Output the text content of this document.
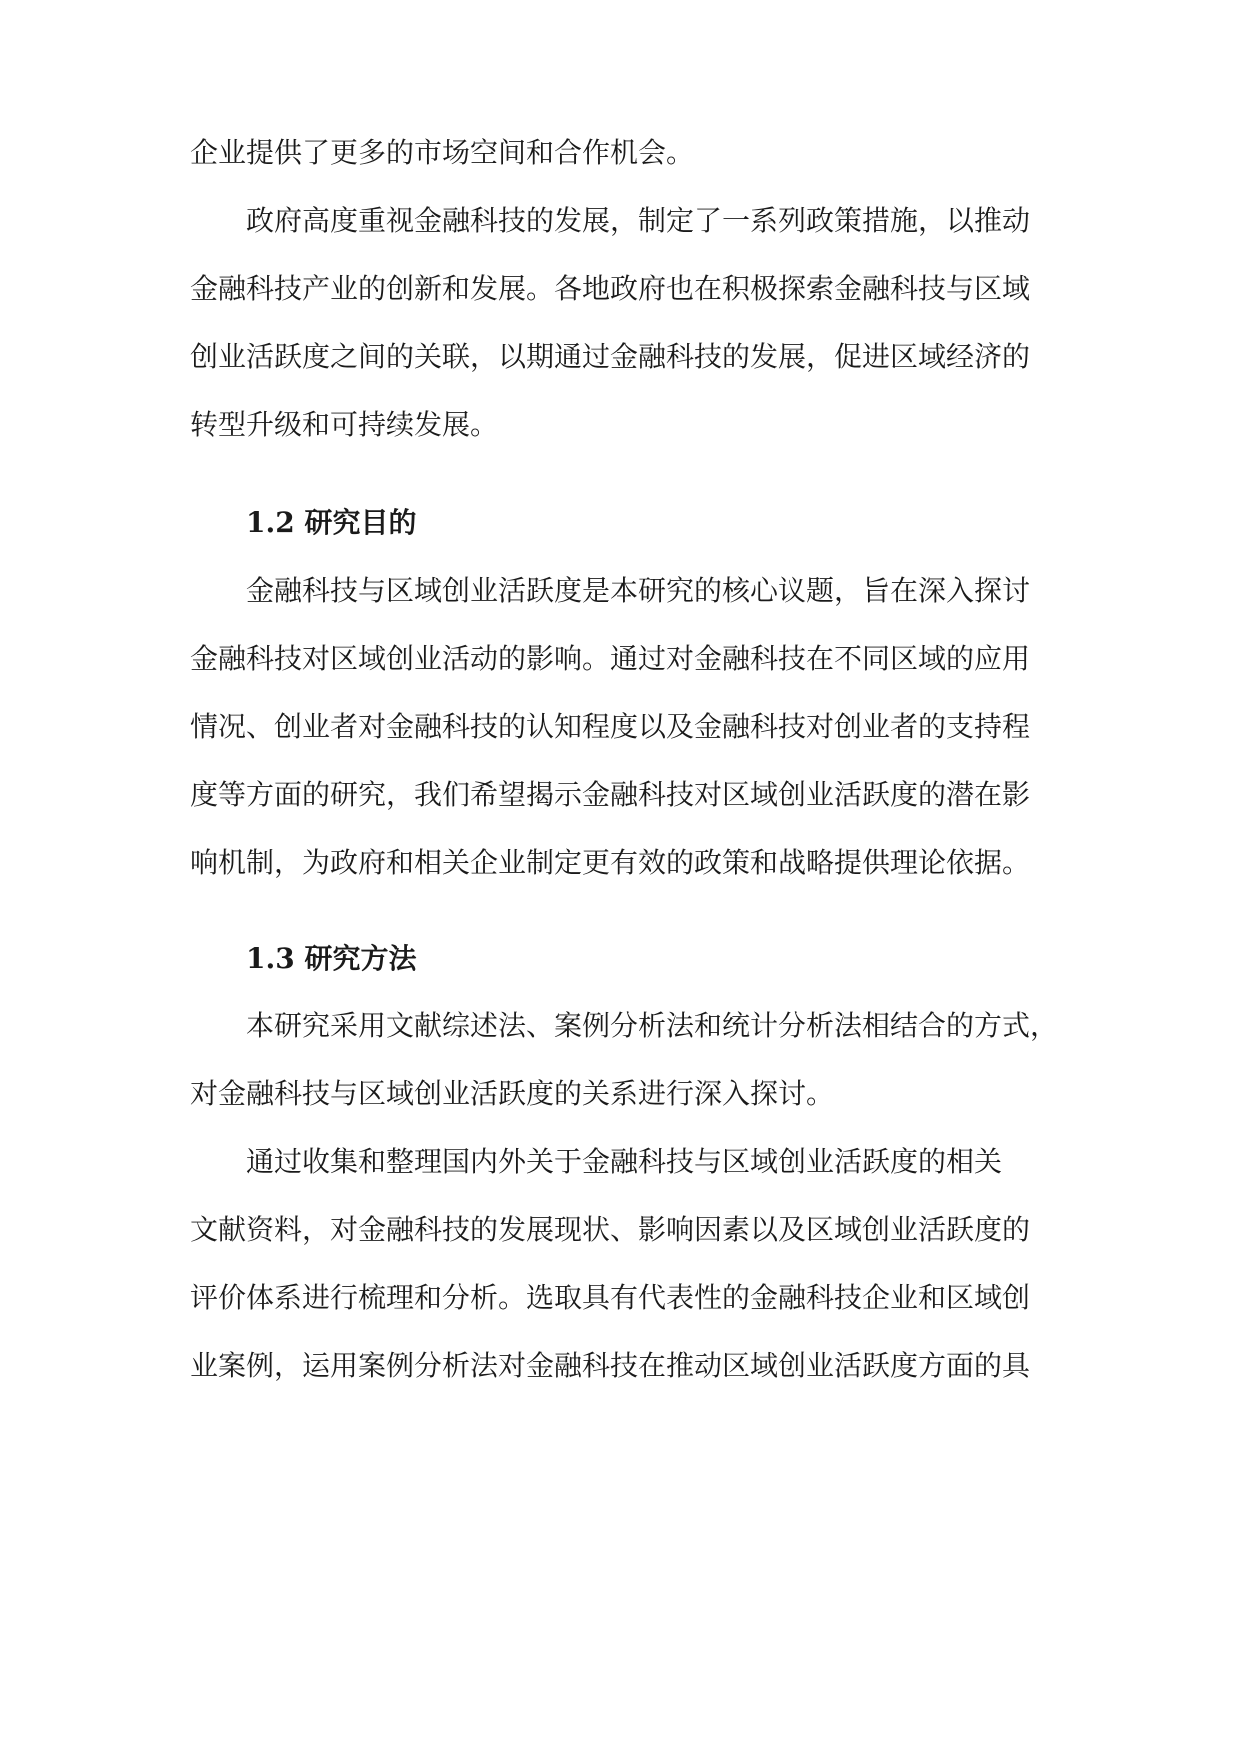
企业提供了更多的市场空间和合作机会。

政府高度重视金融科技的发展，制定了一系列政策措施，以推动

金融科技产业的创新和发展。各地政府也在积极探索金融科技与区域

创业活跃度之间的关联，以期通过金融科技的发展，促进区域经济的

转型升级和可持续发展。

1.2 研究目的

金融科技与区域创业活跃度是本研究的核心议题，旨在深入探讨

金融科技对区域创业活动的影响。通过对金融科技在不同区域的应用

情况、创业者对金融科技的认知程度以及金融科技对创业者的支持程

度等方面的研究，我们希望揭示金融科技对区域创业活跃度的潜在影

响机制，为政府和相关企业制定更有效的政策和战略提供理论依据。

1.3 研究方法

本研究采用文献综述法、案例分析法和统计分析法相结合的方式，

对金融科技与区域创业活跃度的关系进行深入探讨。

通过收集和整理国内外关于金融科技与区域创业活跃度的相关

文献资料，对金融科技的发展现状、影响因素以及区域创业活跃度的

评价体系进行梳理和分析。选取具有代表性的金融科技企业和区域创

业案例，运用案例分析法对金融科技在推动区域创业活跃度方面的具
